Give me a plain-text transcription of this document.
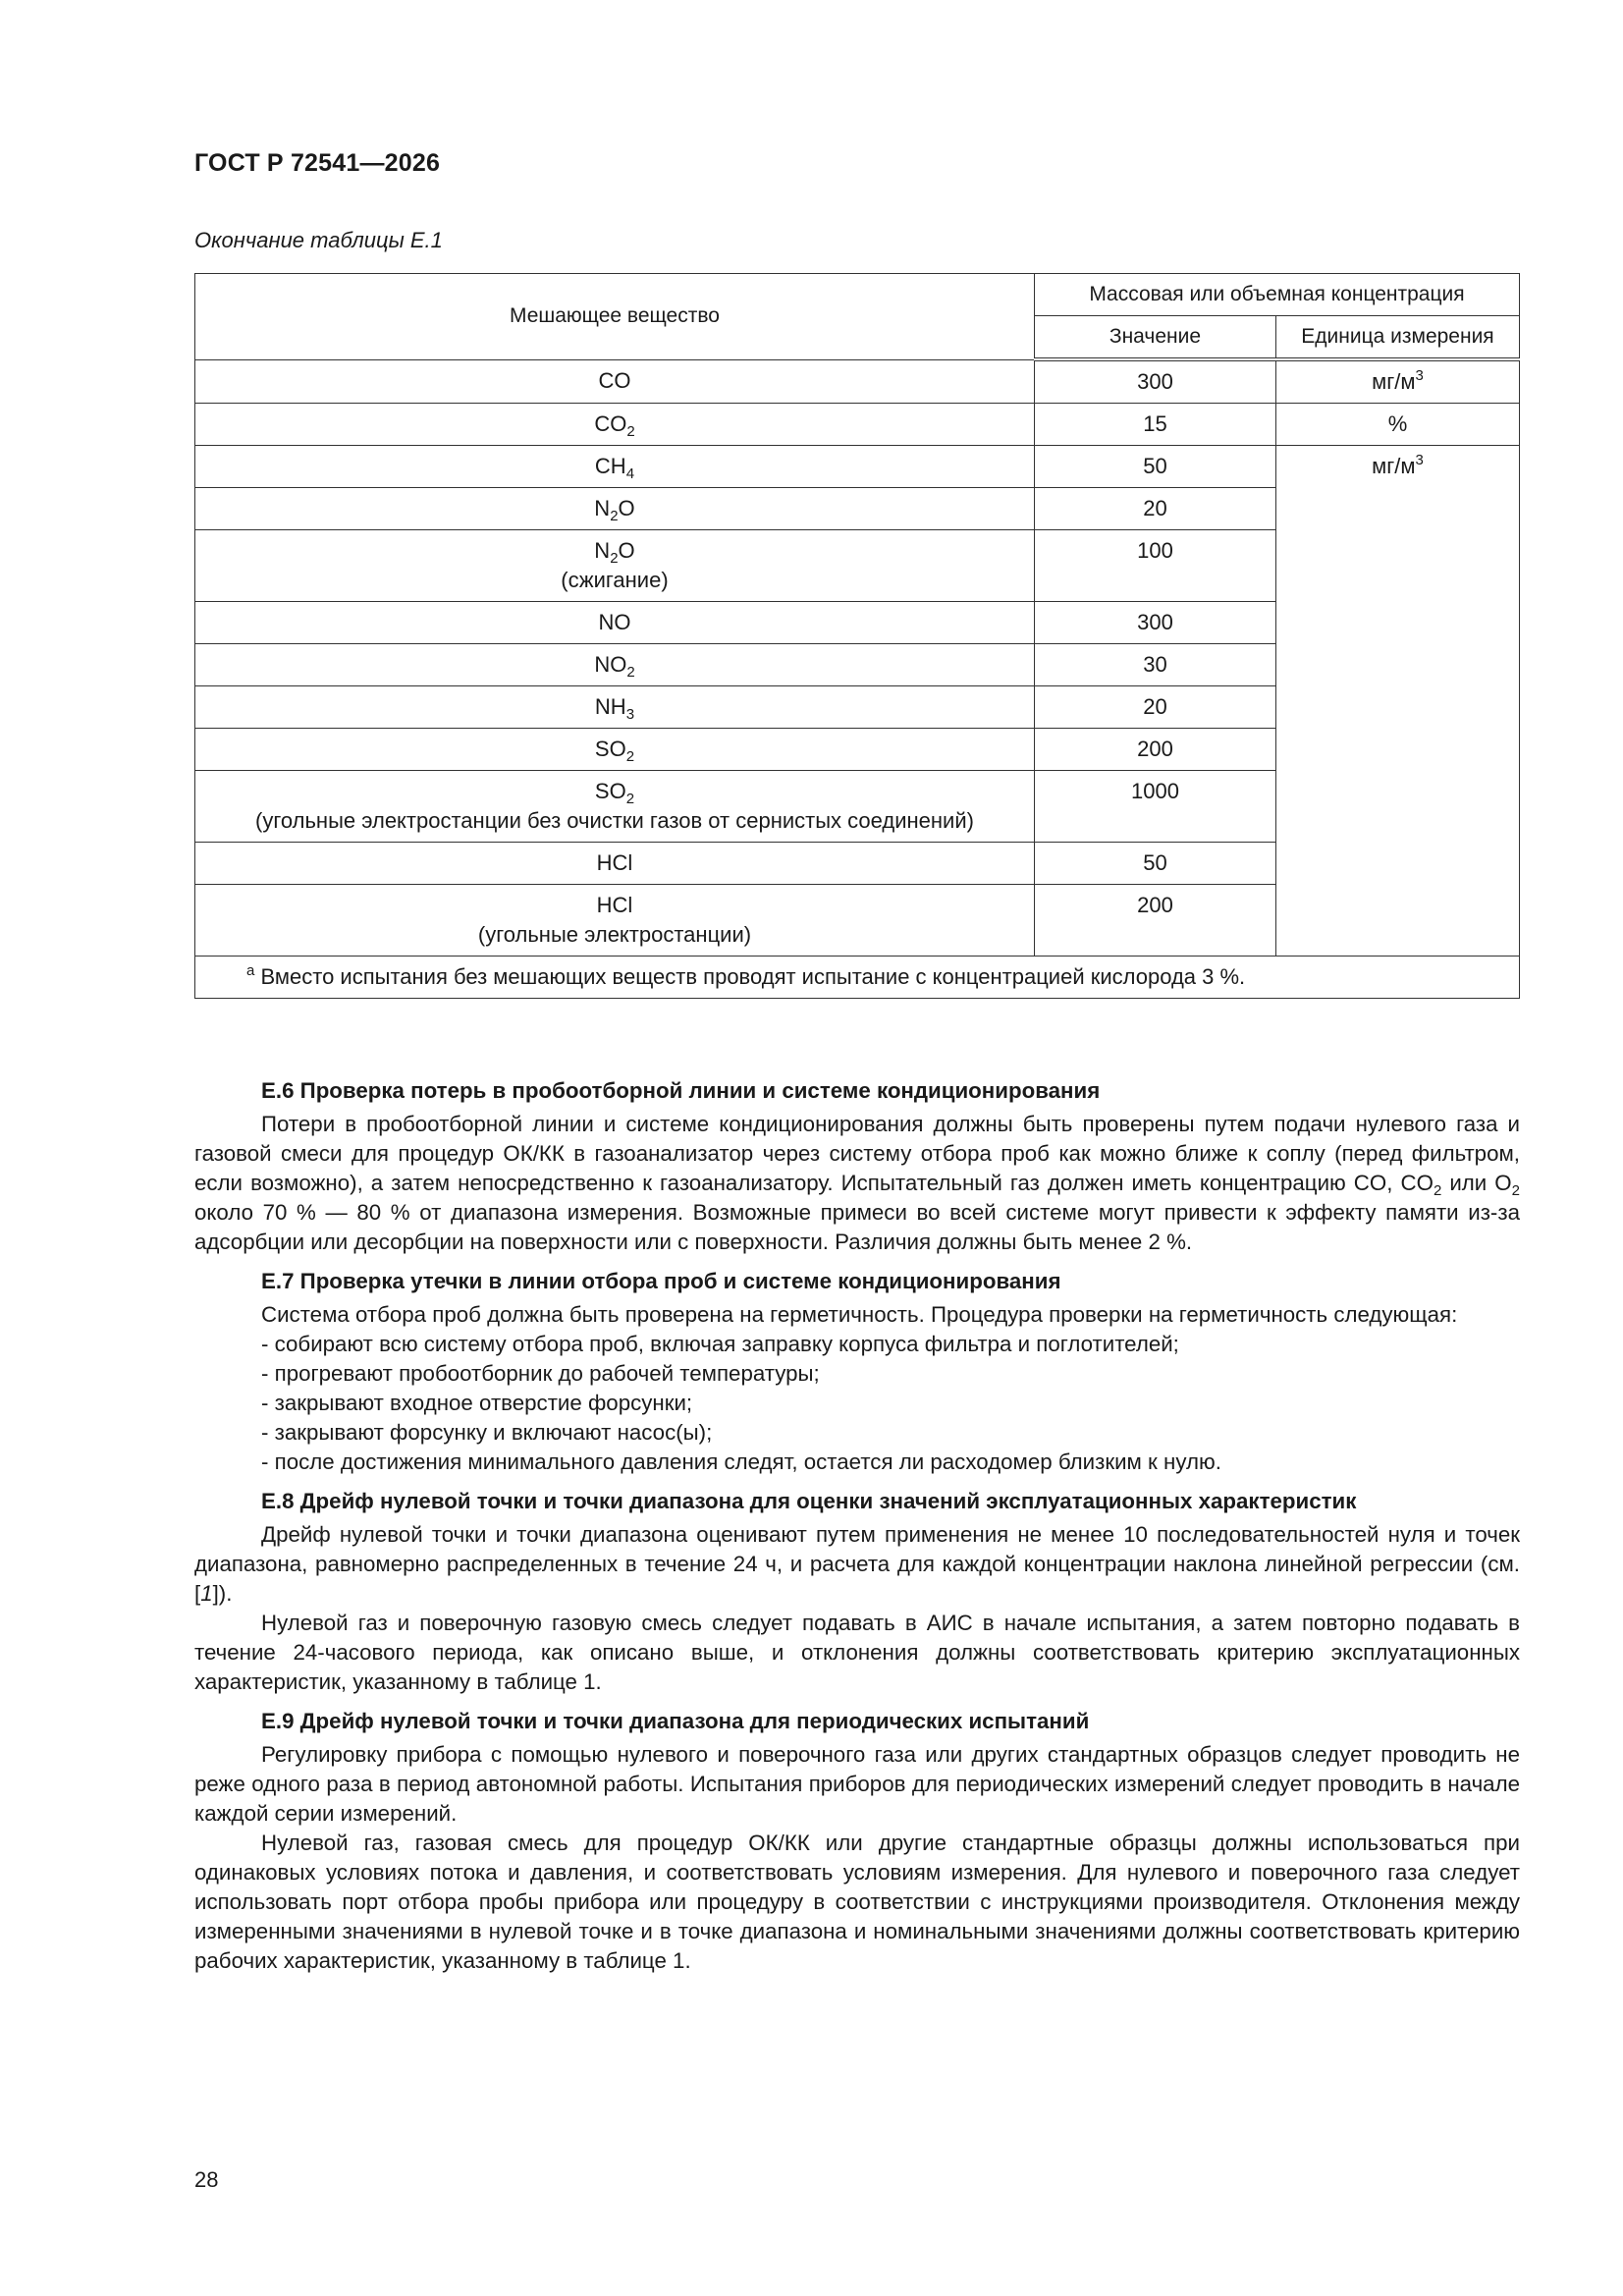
ГОСТ Р 72541—2026
Окончание таблицы Е.1
Мешающее вещество	Массовая или объемная концентрация	
	Значение	Единица измерения

CO	300	$мг/м^3$

$CO_2$	15	%

$CH_4$	50	$мг/м^3$

$N_2O$	20	

$N_2O$
(сжигание)	100	

NO	300	

$NO_2$	30	

$NH_3$	20	

$SO_2$	200	

$SO_2$
(угольные электростанции без очистки газов от сернистых соединений)	1000	

HCl	50	

HCl
(угольные электростанции)	200	
$^a$ Вместо испытания без мешающих веществ проводят испытание с концентрацией кислорода 3 %.		
Е.6 Проверка потерь в пробоотборной линии и системе кондиционирования

Потери в пробоотборной линии и системе кондиционирования должны быть проверены путем подачи нулевого газа и газовой смеси для процедур ОК/КК в газоанализатор через систему отбора проб как можно ближе к соплу (перед фильтром, если возможно), а затем непосредственно к газоанализатору. Испытательный газ должен иметь концентрацию CO, $CO_2$ или $O_2$ около 70 % — 80 % от диапазона измерения. Возможные примеси во всей системе могут привести к эффекту памяти из-за адсорбции или десорбции на поверхности или с поверхности. Различия должны быть менее 2 %.

Е.7 Проверка утечки в линии отбора проб и системе кондиционирования

Система отбора проб должна быть проверена на герметичность. Процедура проверки на герметичность следующая:

- собирают всю систему отбора проб, включая заправку корпуса фильтра и поглотителей;
- прогревают пробоотборник до рабочей температуры;
- закрывают входное отверстие форсунки;
- закрывают форсунку и включают насос(ы);
- после достижения минимального давления следят, остается ли расходомер близким к нулю.
Е.8 Дрейф нулевой точки и точки диапазона для оценки значений эксплуатационных характеристик

Дрейф нулевой точки и точки диапазона оценивают путем применения не менее 10 последовательностей нуля и точек диапазона, равномерно распределенных в течение 24 ч, и расчета для каждой концентрации наклона линейной регрессии (см. [1]).

Нулевой газ и поверочную газовую смесь следует подавать в АИС в начале испытания, а затем повторно подавать в течение 24-часового периода, как описано выше, и отклонения должны соответствовать критерию эксплуатационных характеристик, указанному в таблице 1.

Е.9 Дрейф нулевой точки и точки диапазона для периодических испытаний

Регулировку прибора с помощью нулевого и поверочного газа или других стандартных образцов следует проводить не реже одного раза в период автономной работы. Испытания приборов для периодических измерений следует проводить в начале каждой серии измерений.

Нулевой газ, газовая смесь для процедур ОК/КК или другие стандартные образцы должны использоваться при одинаковых условиях потока и давления, и соответствовать условиям измерения. Для нулевого и поверочного газа следует использовать порт отбора пробы прибора или процедуру в соответствии с инструкциями производителя. Отклонения между измеренными значениями в нулевой точке и в точке диапазона и номинальными значениями должны соответствовать критерию рабочих характеристик, указанному в таблице 1.

28
